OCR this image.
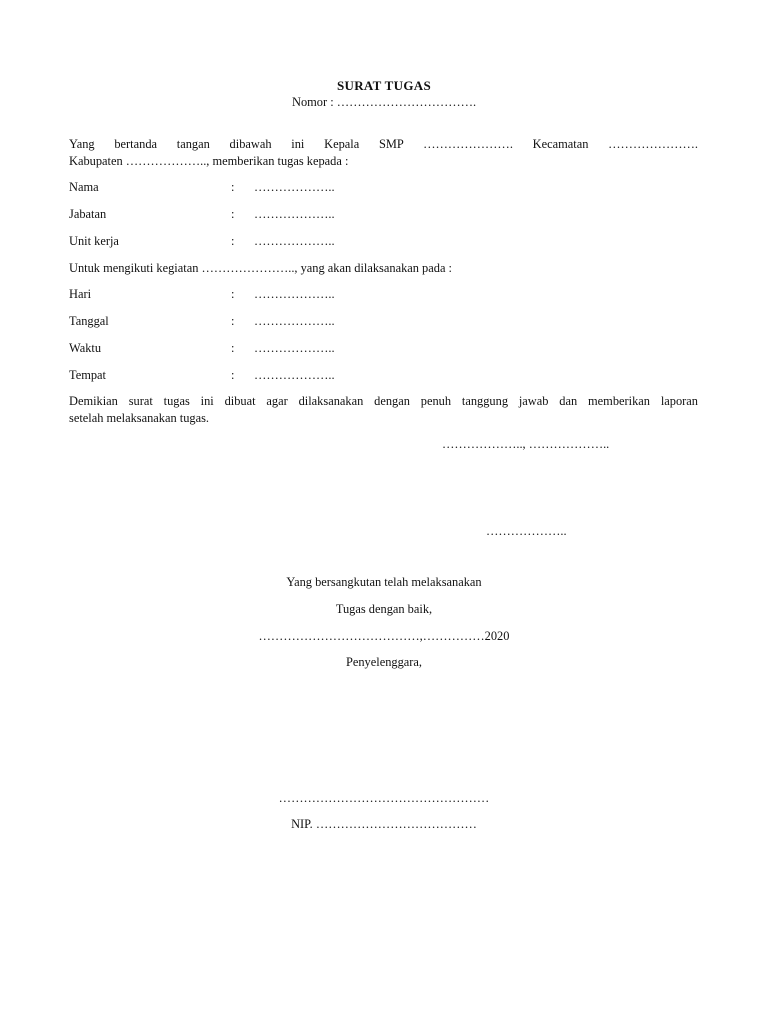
SURAT TUGAS
Nomor : …………………………….
Yang bertanda tangan dibawah ini Kepala SMP …………………. Kecamatan ………………….
Kabupaten ……………….., memberikan tugas kepada :
Nama	: ………………..
Jabatan	: ………………..
Unit kerja	: ………………..
Untuk mengikuti kegiatan ………………….., yang akan dilaksanakan pada :
Hari	: ………………..
Tanggal	: ………………..
Waktu	: ………………..
Tempat	: ………………..
Demikian surat tugas ini dibuat agar dilaksanakan dengan penuh tanggung jawab dan memberikan laporan
setelah melaksanakan tugas.
……………….., ………………..
………………..
Yang bersangkutan telah melaksanakan
Tugas dengan baik,
…………………………………,……………2020
Penyelenggara,
……………………………………………
NIP. …………………………………
